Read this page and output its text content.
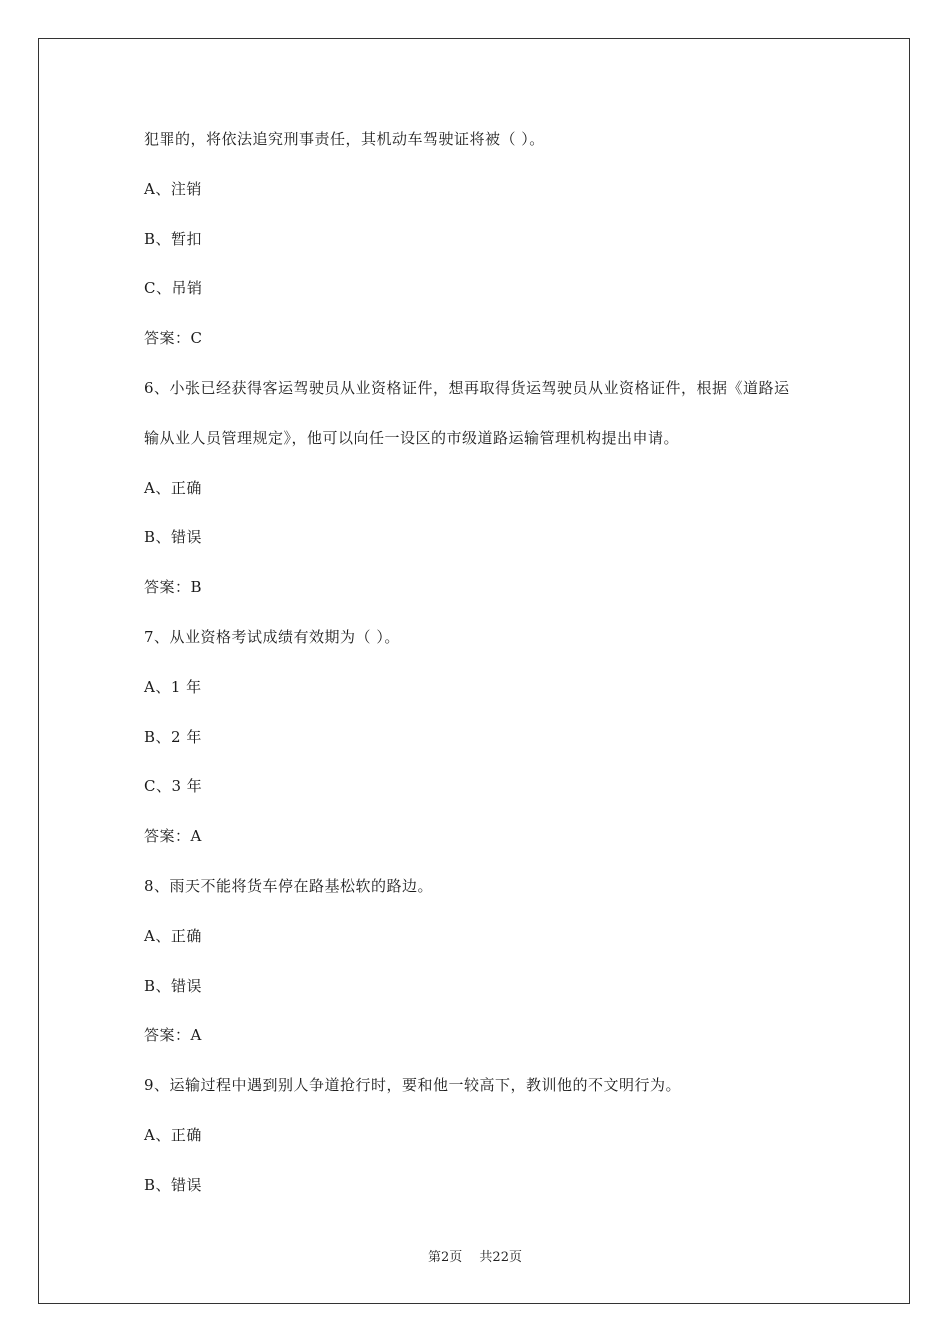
犯罪的，将依法追究刑事责任，其机动车驾驶证将被（ ）。
A、注销
B、暂扣
C、吊销
答案：C
6、小张已经获得客运驾驶员从业资格证件，想再取得货运驾驶员从业资格证件，根据《道路运
输从业人员管理规定》，他可以向任一设区的市级道路运输管理机构提出申请。
A、正确
B、错误
答案：B
7、从业资格考试成绩有效期为（ ）。
A、1 年
B、2 年
C、3 年
答案：A
8、雨天不能将货车停在路基松软的路边。
A、正确
B、错误
答案：A
9、运输过程中遇到别人争道抢行时，要和他一较高下，教训他的不文明行为。
A、正确
B、错误
第2页　 共22页
